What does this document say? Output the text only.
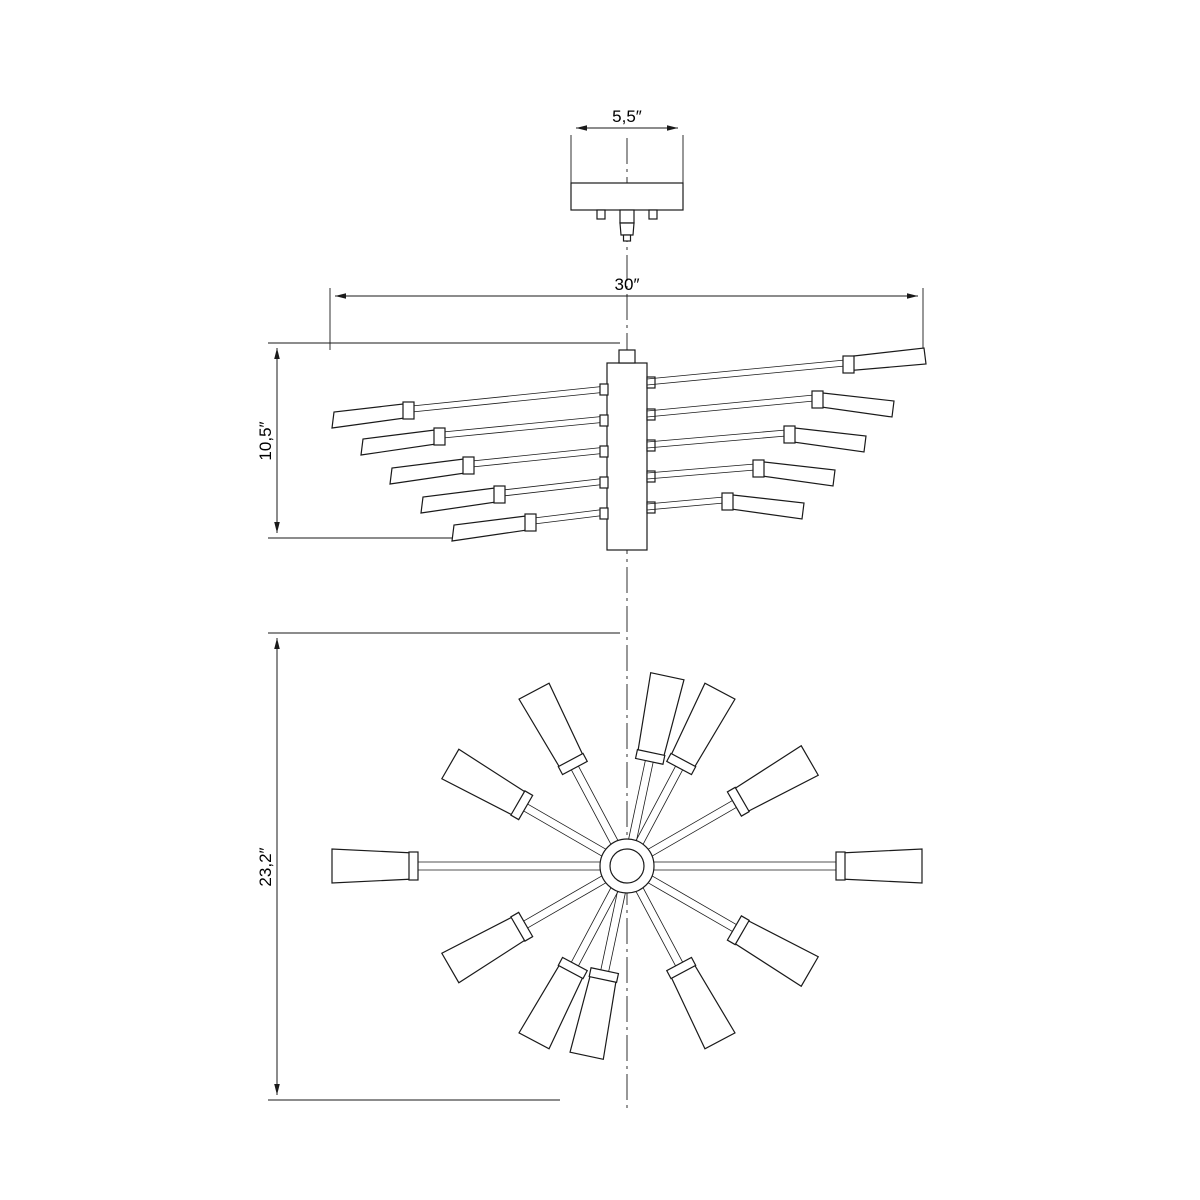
5,5″
30″
10,5″
23,2″
